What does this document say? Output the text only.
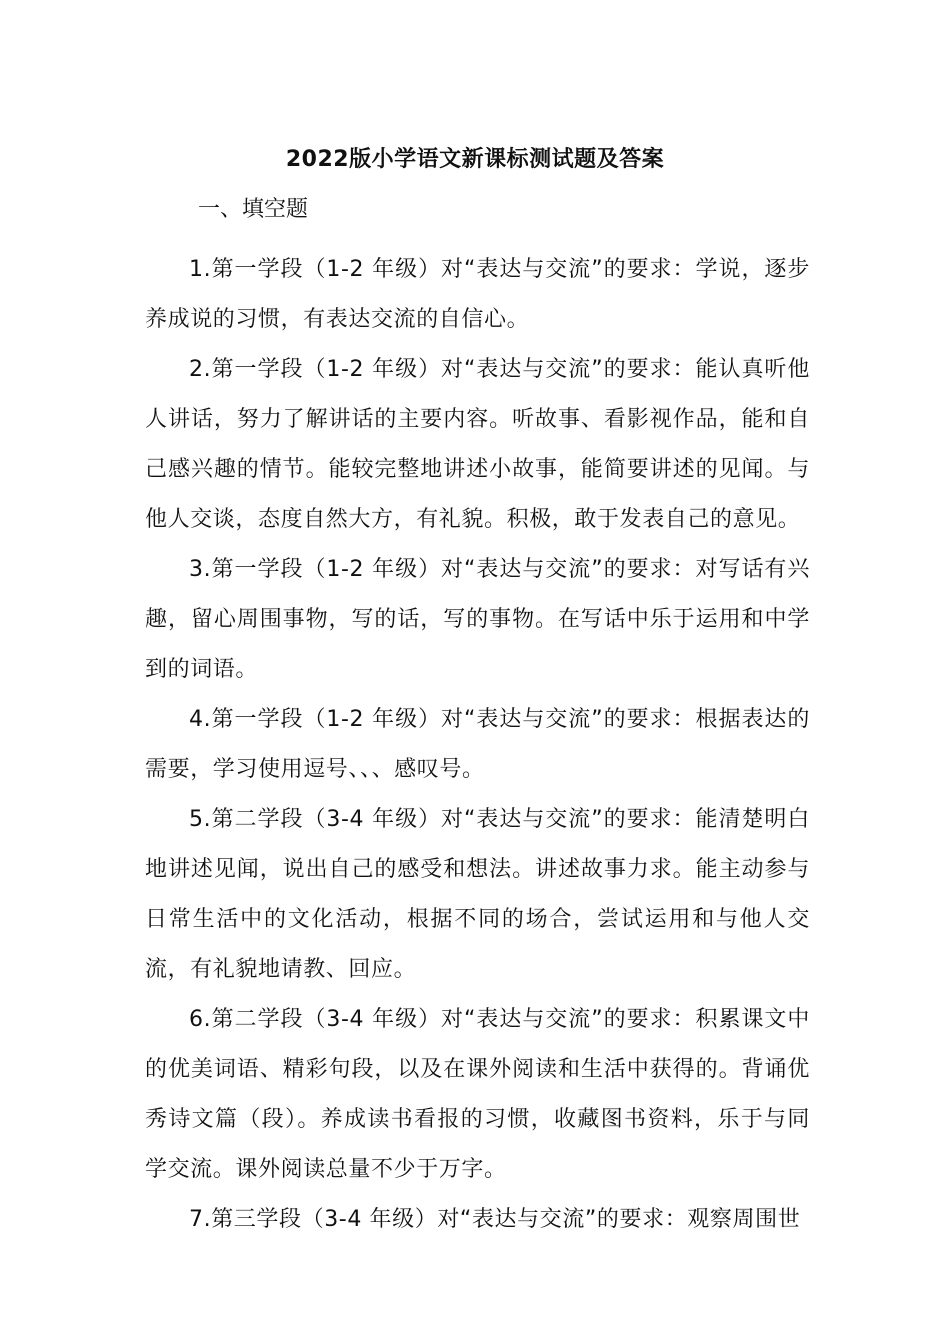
2022版小学语文新课标测试题及答案
一、填空题

1.第一学段（1-2 年级）对“表达与交流”的要求：学说，逐步养成说的习惯，有表达交流的自信心。

2.第一学段（1-2 年级）对“表达与交流”的要求：能认真听他人讲话，努力了解讲话的主要内容。听故事、看影视作品，能和自己感兴趣的情节。能较完整地讲述小故事，能简要讲述的见闻。与他人交谈，态度自然大方，有礼貌。积极，敢于发表自己的意见。

3.第一学段（1-2 年级）对“表达与交流”的要求：对写话有兴趣，留心周围事物，写的话，写的事物。在写话中乐于运用和中学到的词语。

4.第一学段（1-2 年级）对“表达与交流”的要求：根据表达的需要，学习使用逗号、、、感叹号。

5.第二学段（3-4 年级）对“表达与交流”的要求：能清楚明白地讲述见闻，说出自己的感受和想法。讲述故事力求。能主动参与日常生活中的文化活动，根据不同的场合，尝试运用和与他人交流，有礼貌地请教、回应。

6.第二学段（3-4 年级）对“表达与交流”的要求：积累课文中的优美词语、精彩句段，以及在课外阅读和生活中获得的。背诵优秀诗文篇（段）。养成读书看报的习惯，收藏图书资料，乐于与同学交流。课外阅读总量不少于万字。

7.第三学段（3-4 年级）对“表达与交流”的要求：观察周围世
